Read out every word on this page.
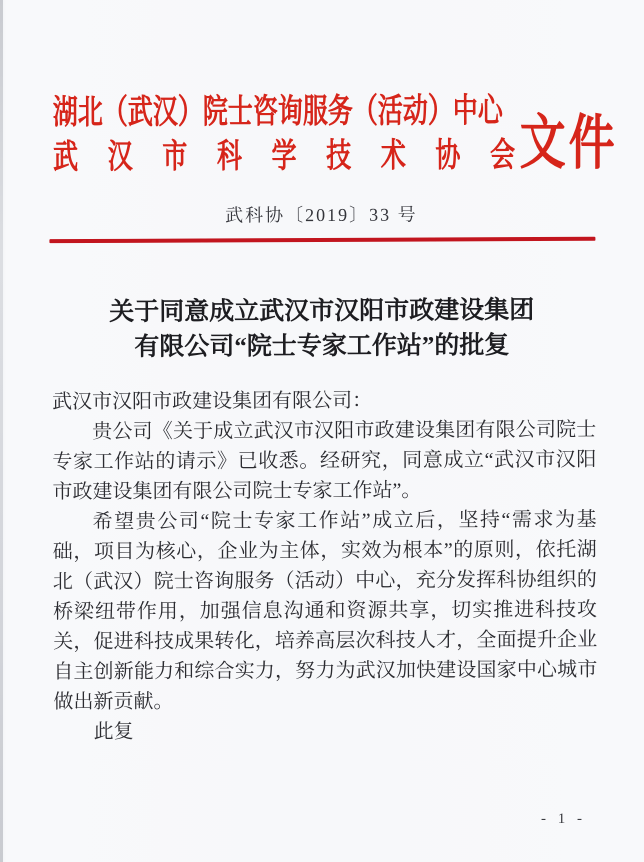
湖北（武汉）院士咨询服务（活动）中心
武汉市科学技术协会 文件
武科协〔2019〕33 号
关于同意成立武汉市汉阳市政建设集团
有限公司“院士专家工作站”的批复

武汉市汉阳市政建设集团有限公司：

贵公司《关于成立武汉市汉阳市政建设集团有限公司院士专家工作站的请示》已收悉。经研究，同意成立“武汉市汉阳市政建设集团有限公司院士专家工作站”。

希望贵公司“院士专家工作站”成立后，坚持“需求为基础，项目为核心，企业为主体，实效为根本”的原则，依托湖北（武汉）院士咨询服务（活动）中心，充分发挥科协组织的桥梁纽带作用，加强信息沟通和资源共享，切实推进科技攻关，促进科技成果转化，培养高层次科技人才，全面提升企业自主创新能力和综合实力，努力为武汉加快建设国家中心城市做出新贡献。

此复

- 1 -
